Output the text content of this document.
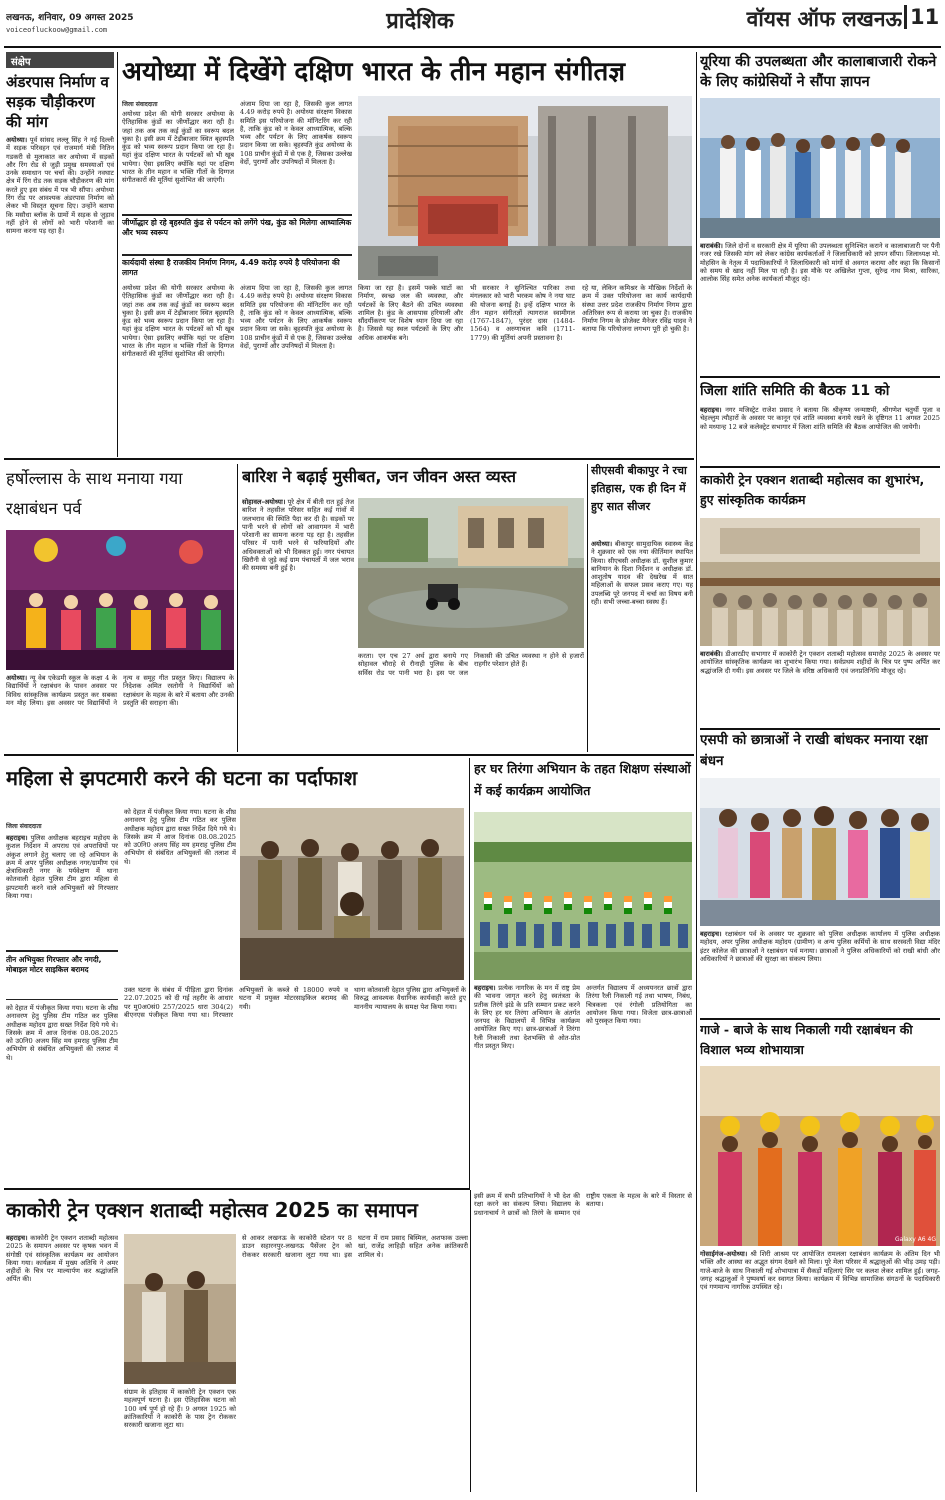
लखनऊ, शनिवार, 09 अगस्त 2025
voiceofluckoow@gmail.com	प्रादेशिक	वॉयस ऑफ लखनऊ 11
संक्षेप
अंडरपास निर्माण व सड़क चौड़ीकरण की मांग
अयोध्या। पूर्व सांसद लल्लू सिंह ने नई दिल्ली में सड़क परिवहन एवं राजमार्ग मंत्री नितिन गडकरी से मुलाकात कर अयोध्या में सड़कों और रिंग रोड से जुड़ी प्रमुख समस्याओं एवं उनके समाधान पर चर्चा की। उन्होंने नवघाट क्षेत्र में रिंग रोड तक सड़क चौड़ीकरण की मांग करते हुए इस संबंध में पत्र भी सौंपा। अयोध्या रिंग रोड पर आवश्यक अंडरपास निर्माण को लेकर भी विस्तृत सूचना दिए। उन्होंने बताया कि मसौधा ब्लॉक के ग्रामों में सड़क से जुड़ाव नहीं होने से लोगों को भारी परेशानी का सामना करना पड़ रहा है।
अयोध्या में दिखेंगे दक्षिण भारत के तीन महान संगीतज्ञ
जिला संवाददाता
अयोध्या प्रदेश की योगी सरकार अयोध्या के ऐतिहासिक कुंडों का जीर्णोद्धार करा रही है। जहां तक अब तक कई कुंडों का स्वरूप बदल चुका है। इसी क्रम में टेढ़ीबाजार स्थित बृहस्पति कुंड को भव्य स्वरूप प्रदान किया जा रहा है। यहां कुंड दक्षिण भारत के पर्यटकों को भी खूब भायेगा। ऐसा इसलिए क्योंकि यहां पर दक्षिण भारत के तीन महान व भक्ति गीतों के दिग्गज संगीतकारों की मूर्तियां सुशोभित की जाएंगी।
अंजाम दिया जा रहा है, जिसकी कुल लागत 4.49 करोड़ रुपये है। अयोध्या संरक्षण विकास समिति इस परियोजना की मॉनिटरिंग कर रही है, ताकि कुंड को न केवल आध्यात्मिक, बल्कि भव्य और पर्यटन के लिए आकर्षक स्वरूप प्रदान किया जा सके। बृहस्पति कुंड अयोध्या के 108 प्राचीन कुंडों में से एक है, जिसका उल्लेख वेदों, पुराणों और उपनिषदों में मिलता है।
जीर्णोद्धार हो रहे बृहस्पति कुंड से पर्यटन को लगेंगे पंख, कुंड को मिलेगा आध्यात्मिक और भव्य स्वरूप
कार्यदायी संस्था है राजकीय निर्माण निगम, 4.49 करोड़ रुपये है परियोजना की लागत
अयोध्या प्रदेश की योगी सरकार अयोध्या के ऐतिहासिक कुंडों का जीर्णोद्धार करा रही है। जहां तक अब तक कई कुंडों का स्वरूप बदल चुका है। इसी क्रम में टेढ़ीबाजार स्थित बृहस्पति कुंड को भव्य स्वरूप प्रदान किया जा रहा है। यहां कुंड दक्षिण भारत के पर्यटकों को भी खूब भायेगा। ऐसा इसलिए क्योंकि यहां पर दक्षिण भारत के तीन महान व भक्ति गीतों के दिग्गज संगीतकारों की मूर्तियां सुशोभित की जाएंगी।
अंजाम दिया जा रहा है, जिसकी कुल लागत 4.49 करोड़ रुपये है। अयोध्या संरक्षण विकास समिति इस परियोजना की मॉनिटरिंग कर रही है, ताकि कुंड को न केवल आध्यात्मिक, बल्कि भव्य और पर्यटन के लिए आकर्षक स्वरूप प्रदान किया जा सके। बृहस्पति कुंड अयोध्या के 108 प्राचीन कुंडों में से एक है, जिसका उल्लेख वेदों, पुराणों और उपनिषदों में मिलता है।
किया जा रहा है। इसमें पक्के घाटों का निर्माण, स्वच्छ जल की व्यवस्था, और पर्यटकों के लिए बैठने की उचित व्यवस्था शामिल है। कुंड के आसपास हरियाली और सौंदर्यीकरण पर विशेष ध्यान दिया जा रहा है। जिससे यह स्थल पर्यटकों के लिए और अधिक आकर्षक बने।
भी सरकार ने सुनिश्चित पारिका तथा मंगलकार को भारी भरकम कोष ने नया घाट की योजना बनाई है। इन्हें दक्षिण भारत के तीन महान संगीतज्ञों त्यागराज स्वामीगल (1767-1847), पुरंदर दास (1484-1564) व अरुणाचल कवि (1711-1779) की मूर्तियां अपनी प्रस्तावना है।
रहे या, लेकिन कमिश्नर के मौखिक निर्देशों के क्रम में उक्त परियोजना का कार्य कार्यदायी संस्था उत्तर प्रदेश राजकीय निर्माण निगम द्वारा अतिरिक्त रूप से कराया जा चुका है। राजकीय निर्माण निगम के प्रोजेक्ट मैनेजर रविंद्र यादव ने बताया कि परियोजना लगभग पूरी हो चुकी है।
यूरिया की उपलब्धता और कालाबाजारी रोकने के लिए कांग्रेसियों ने सौंपा ज्ञापन
बाराबंकी। जिले दोनों व सरकारी क्षेत्र में यूरिया की उपलब्धता सुनिश्चित कराने व कालाबाजारी पर पैनी नजर रखे जिसकी मांग को लेकर कांग्रेस कार्यकर्ताओं ने जिलाधिकारी को ज्ञापन सौंपा। जिलाध्यक्ष मो. मोहसिन के नेतृत्व में पदाधिकारियों ने जिलाधिकारी को मांगों से अवगत कराया और कहा कि किसानों को समय से खाद नहीं मिल पा रही है। इस मौके पर अखिलेश गुप्ता, सुरेन्द्र नाथ मिश्रा, सारिका, आलोक सिंह समेत अनेक कार्यकर्ता मौजूद रहे।
जिला शांति समिति की बैठक 11 को
बहराइच। नगर मजिस्ट्रेट राजेश प्रसाद ने बताया कि श्रीकृष्ण जन्माष्टमी, श्रीगणेश चतुर्थी पूजा व चेहल्लुम त्यौहारों के अवसर पर कानून एवं शांति व्यवस्था बनाये रखने के दृष्टिगत 11 अगस्त 2025 को मध्यान्ह 12 बजे कलेक्ट्रेट सभागार में जिला शांति समिति की बैठक आयोजित की जायेगी।
काकोरी ट्रेन एक्शन शताब्दी महोत्सव का शुभारंभ, हुए सांस्कृतिक कार्यक्रम
बाराबंकी। डीआरडीए सभागार में काकोरी ट्रेन एक्शन शताब्दी महोत्सव समारोह 2025 के अवसर पर आयोजित सांस्कृतिक कार्यक्रम का शुभारंभ किया गया। सर्वप्रथम शहीदों के चित्र पर पुष्प अर्पित कर श्रद्धांजलि दी गयी। इस अवसर पर जिले के वरिष्ठ अधिकारी एवं जनप्रतिनिधि मौजूद रहे।
एसपी को छात्राओं ने राखी बांधकर मनाया रक्षा बंधन
बहराइच। रक्षाबंधन पर्व के अवसर पर शुक्रवार को पुलिस अधीक्षक कार्यालय में पुलिस अधीक्षक महोदय, अपर पुलिस अधीक्षक महोदय (ग्रामीण) व अन्य पुलिस कर्मियों के साथ सरस्वती विद्या मंदिर इंटर कॉलेज की छात्राओं ने रक्षाबंधन पर्व मनाया। छात्राओं ने पुलिस अधिकारियों को राखी बांधी और अधिकारियों ने छात्राओं की सुरक्षा का संकल्प लिया।
गाजे - बाजे के साथ निकाली गयी रक्षाबंधन की विशाल भव्य शोभायात्रा
गोसाईगंज-अयोध्या। श्री शिरी आश्रम पर आयोजित रामलला रक्षाबंधन कार्यक्रम के अंतिम दिन भी भक्ति और आस्था का अद्भुत संगम देखने को मिला। पूरे मेला परिसर में श्रद्धालुओं की भीड़ उमड़ पड़ी। गाजे-बाजे के साथ निकाली गई शोभायात्रा में सैकड़ों महिलाएं सिर पर कलश लेकर शामिल हुईं। जगह-जगह श्रद्धालुओं ने पुष्पवर्षा कर स्वागत किया। कार्यक्रम में विभिन्न सामाजिक संगठनों के पदाधिकारी एवं गणमान्य नागरिक उपस्थित रहे।
हर्षोल्लास के साथ मनाया गया रक्षाबंधन पर्व
अयोध्या। न्यू वेब एकेडमी स्कूल के कक्षा 4 के विद्यार्थियों ने रक्षाबंधन के पावन अवसर पर विविध सांस्कृतिक कार्यक्रम प्रस्तुत कर सबका मन मोह लिया। इस अवसर पर विद्यार्थियों ने नृत्य व समूह गीत प्रस्तुत किए। विद्यालय के निदेशक अमित रस्तोगी ने विद्यार्थियों को रक्षाबंधन के महत्व के बारे में बताया और उनकी प्रस्तुति की सराहना की।
बारिश ने बढ़ाई मुसीबत, जन जीवन अस्त व्यस्त
सोहावल-अयोध्या। पूरे क्षेत्र में बीती रात हुई तेज बारिश ने तहसील परिसर सहित कई गांवों में जलभराव की स्थिति पैदा कर दी है। सड़कों पर पानी भरने से लोगों को आवागमन में भारी परेशानी का सामना करना पड़ रहा है। तहसील परिसर में पानी भरने से फरियादियों और अधिवक्ताओं को भी दिक्कत हुई। नगर पंचायत खिरौनी से जुड़े कई ग्राम पंचायतों में जल भराव की समस्या बनी हुई है।
करता। एन एच 27 अर्थ द्वारा बनाये गए सोहावल चौराहे से रौनाही पुलिस के बीच सर्विस रोड पर पानी भरा है। इस पर जल निकासी की उचित व्यवस्था न होने से हजारों राहगीर परेशान होते हैं।
सीएसवी बीकापुर ने रचा इतिहास, एक ही दिन में हुए सात सीजर
अयोध्या। बीकापुर सामुदायिक स्वास्थ्य केंद्र ने शुक्रवार को एक नया कीर्तिमान स्थापित किया। सीएचसी अधीक्षक डॉ. सुशील कुमार बानियान के दिशा निर्देशन व अधीक्षक डॉ. आशुतोष यादव की देखरेख में सात महिलाओं के सफल प्रसव कराए गए। यह उपलब्धि पूरे जनपद में चर्चा का विषय बनी रही। सभी जच्चा-बच्चा स्वस्थ हैं।
महिला से झपटमारी करने की घटना का पर्दाफाश
जिला संवाददाता
बहराइच। पुलिस अधीक्षक बहराइच महोदय के कुशल निर्देशन में अपराध एवं अपराधियों पर अंकुश लगाने हेतु चलाए जा रहे अभियान के क्रम में अपर पुलिस अधीक्षक नगर/ग्रामीण एवं क्षेत्राधिकारी नगर के पर्यवेक्षण में थाना कोतवाली देहात पुलिस टीम द्वारा महिला से झपटमारी करने वाले अभियुक्तों को गिरफ्तार किया गया।
तीन अभियुक्त गिरफ्तार और नगदी, मोबाइल मोटर साइकिल बरामद
को देहात में पंजीकृत किया गया। घटना के शीघ्र अनावरण हेतु पुलिस टीम गठित कर पुलिस अधीक्षक महोदय द्वारा सख्त निर्देश दिये गये थे। जिसके क्रम में आज दिनांक 08.08.2025 को उ0नि0 अजय सिंह मय हमराह पुलिस टीम अभियोग से संबंधित अभियुक्तों की तलाश में थे।
को देहात में पंजीकृत किया गया। घटना के शीघ्र अनावरण हेतु पुलिस टीम गठित कर पुलिस अधीक्षक महोदय द्वारा सख्त निर्देश दिये गये थे। जिसके क्रम में आज दिनांक 08.08.2025 को उ0नि0 अजय सिंह मय हमराह पुलिस टीम अभियोग से संबंधित अभियुक्तों की तलाश में थे।
उक्त घटना के संबंध में पीड़िता द्वारा दिनांक 22.07.2025 को दी गई तहरीर के आधार पर मु0अ0सं0 257/2025 धारा 304(2) बीएनएस पंजीकृत किया गया था। गिरफ्तार अभियुक्तों के कब्जे से 18000 रुपये व घटना में प्रयुक्त मोटरसाइकिल बरामद की गयी।
थाना कोतवाली देहात पुलिस द्वारा अभियुक्तों के विरुद्ध आवश्यक वैधानिक कार्यवाही करते हुए माननीय न्यायालय के समक्ष पेश किया गया।
हर घर तिरंगा अभियान के तहत शिक्षण संस्थाओं में कई कार्यक्रम आयोजित
बहराइच। प्रत्येक नागरिक के मन में राष्ट्र प्रेम की भावना जागृत करने हेतु स्वतंत्रता के प्रतीक तिरंगे झंडे के प्रति सम्मान प्रकट करने के लिए हर घर तिरंगा अभियान के अंतर्गत जनपद के विद्यालयों में विभिन्न कार्यक्रम आयोजित किए गए। छात्र-छात्राओं ने तिरंगा रैली निकाली तथा देशभक्ति से ओत-प्रोत गीत प्रस्तुत किए।
अन्तर्गत विद्यालय में अध्ययनरत छात्रों द्वारा तिरंगा रैली निकाली गई तथा भाषण, निबंध, चित्रकला एवं रंगोली प्रतियोगिता का आयोजन किया गया। विजेता छात्र-छात्राओं को पुरस्कृत किया गया।
काकोरी ट्रेन एक्शन शताब्दी महोत्सव 2025 का समापन
बहराइच। काकोरी ट्रेन एक्शन शताब्दी महोत्सव 2025 के समापन अवसर पर कृषक भवन में संगोष्ठी एवं सांस्कृतिक कार्यक्रम का आयोजन किया गया। कार्यक्रम में मुख्य अतिथि ने अमर शहीदों के चित्र पर माल्यार्पण कर श्रद्धांजलि अर्पित की।
संग्राम के इतिहास में काकोरी ट्रेन एक्शन एक महत्वपूर्ण घटना है। इस ऐतिहासिक घटना को 100 वर्ष पूर्ण हो रहे हैं। 9 अगस्त 1925 को क्रांतिकारियों ने काकोरी के पास ट्रेन रोककर सरकारी खजाना लूटा था।
से आकर लखनऊ के काकोरी स्टेशन पर 8 डाउन सहारनपुर-लखनऊ पैसेंजर ट्रेन को रोककर सरकारी खजाना लूटा गया था। इस घटना में राम प्रसाद बिस्मिल, अशफाक उल्ला खां, राजेंद्र लाहिड़ी सहित अनेक क्रांतिकारी शामिल थे।
इसी क्रम में सभी प्रतिभागियों ने भी देश की रक्षा करने का संकल्प लिया। विद्यालय के प्रधानाचार्य ने छात्रों को तिरंगे के सम्मान एवं राष्ट्रीय एकता के महत्व के बारे में विस्तार से बताया।
Galaxy A6 4G
